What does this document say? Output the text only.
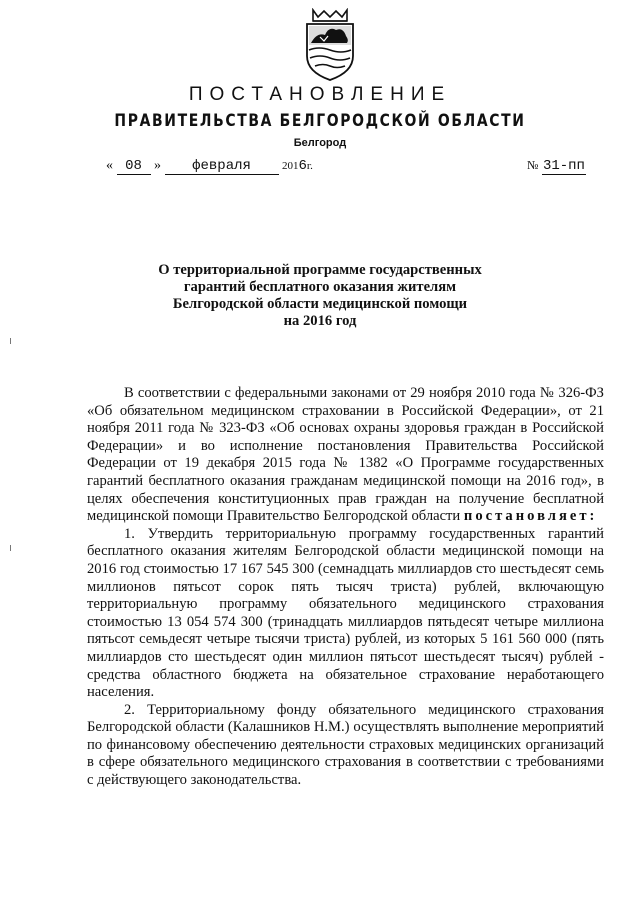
ПОСТАНОВЛЕНИЕ
ПРАВИТЕЛЬСТВА БЕЛГОРОДСКОЙ ОБЛАСТИ
Белгород
« 08 » февраля	2016г.	№ 31-пп
О территориальной программе государственных
гарантий бесплатного оказания жителям
Белгородской области медицинской помощи
на 2016 год

В соответствии с федеральными законами от 29 ноября 2010 года № 326-ФЗ «Об обязательном медицинском страховании в Российской Федерации», от 21 ноября 2011 года № 323-ФЗ «Об основах охраны здоровья граждан в Российской Федерации» и во исполнение постановления Правительства Российской Федерации от 19 декабря 2015 года № 1382 «О Программе государственных гарантий бесплатного оказания гражданам медицинской помощи на 2016 год», в целях обеспечения конституционных прав граждан на получение бесплатной медицинской помощи Правительство Белгородской области постановляет:

1. Утвердить территориальную программу государственных гарантий бесплатного оказания жителям Белгородской области медицинской помощи на 2016 год стоимостью 17 167 545 300 (семнадцать миллиардов сто шестьдесят семь миллионов пятьсот сорок пять тысяч триста) рублей, включающую территориальную программу обязательного медицинского страхования стоимостью 13 054 574 300 (тринадцать миллиардов пятьдесят четыре миллиона пятьсот семьдесят четыре тысячи триста) рублей, из которых 5 161 560 000 (пять миллиардов сто шестьдесят один миллион пятьсот шестьдесят тысяч) рублей - средства областного бюджета на обязательное страхование неработающего населения.

2. Территориальному фонду обязательного медицинского страхования Белгородской области (Калашников Н.М.) осуществлять выполнение мероприятий по финансовому обеспечению деятельности страховых медицинских организаций в сфере обязательного медицинского страхования в соответствии с требованиями с действующего законодательства.
